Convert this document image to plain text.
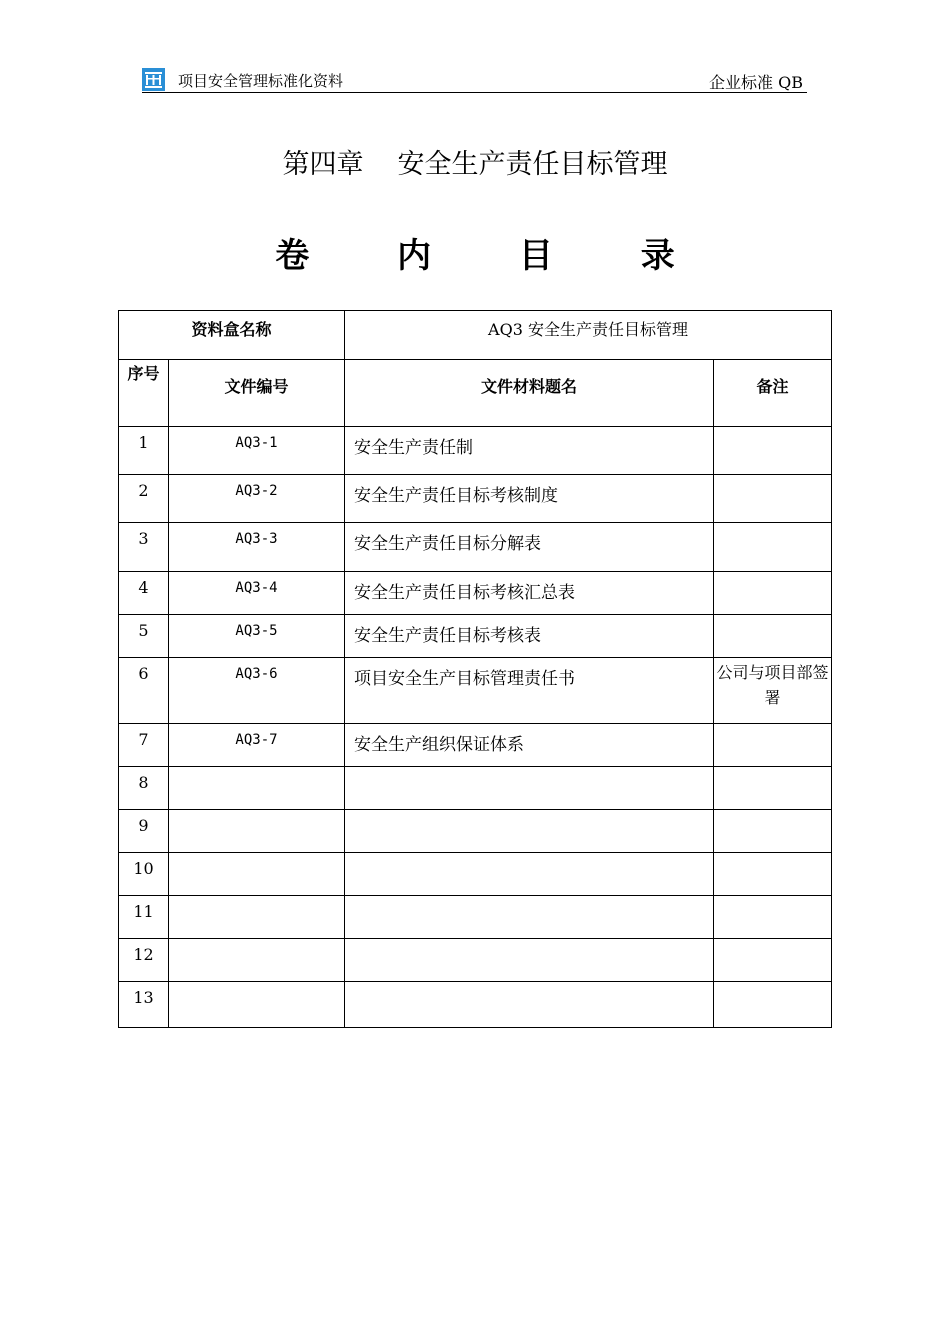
项目安全管理标准化资料	企业标准 QB
第四章 安全生产责任目标管理
卷 内 目 录
资料盒名称		AQ3 安全生产责任目标管理	
序号	文件编号	文件材料题名	备注
1	AQ3-1	安全生产责任制	
2	AQ3-2	安全生产责任目标考核制度	
3	AQ3-3	安全生产责任目标分解表	
4	AQ3-4	安全生产责任目标考核汇总表	
5	AQ3-5	安全生产责任目标考核表	
6	AQ3-6	项目安全生产目标管理责任书	公司与项目部签署
7	AQ3-7	安全生产组织保证体系	
8			
9			
10			
11			
12			
13			
